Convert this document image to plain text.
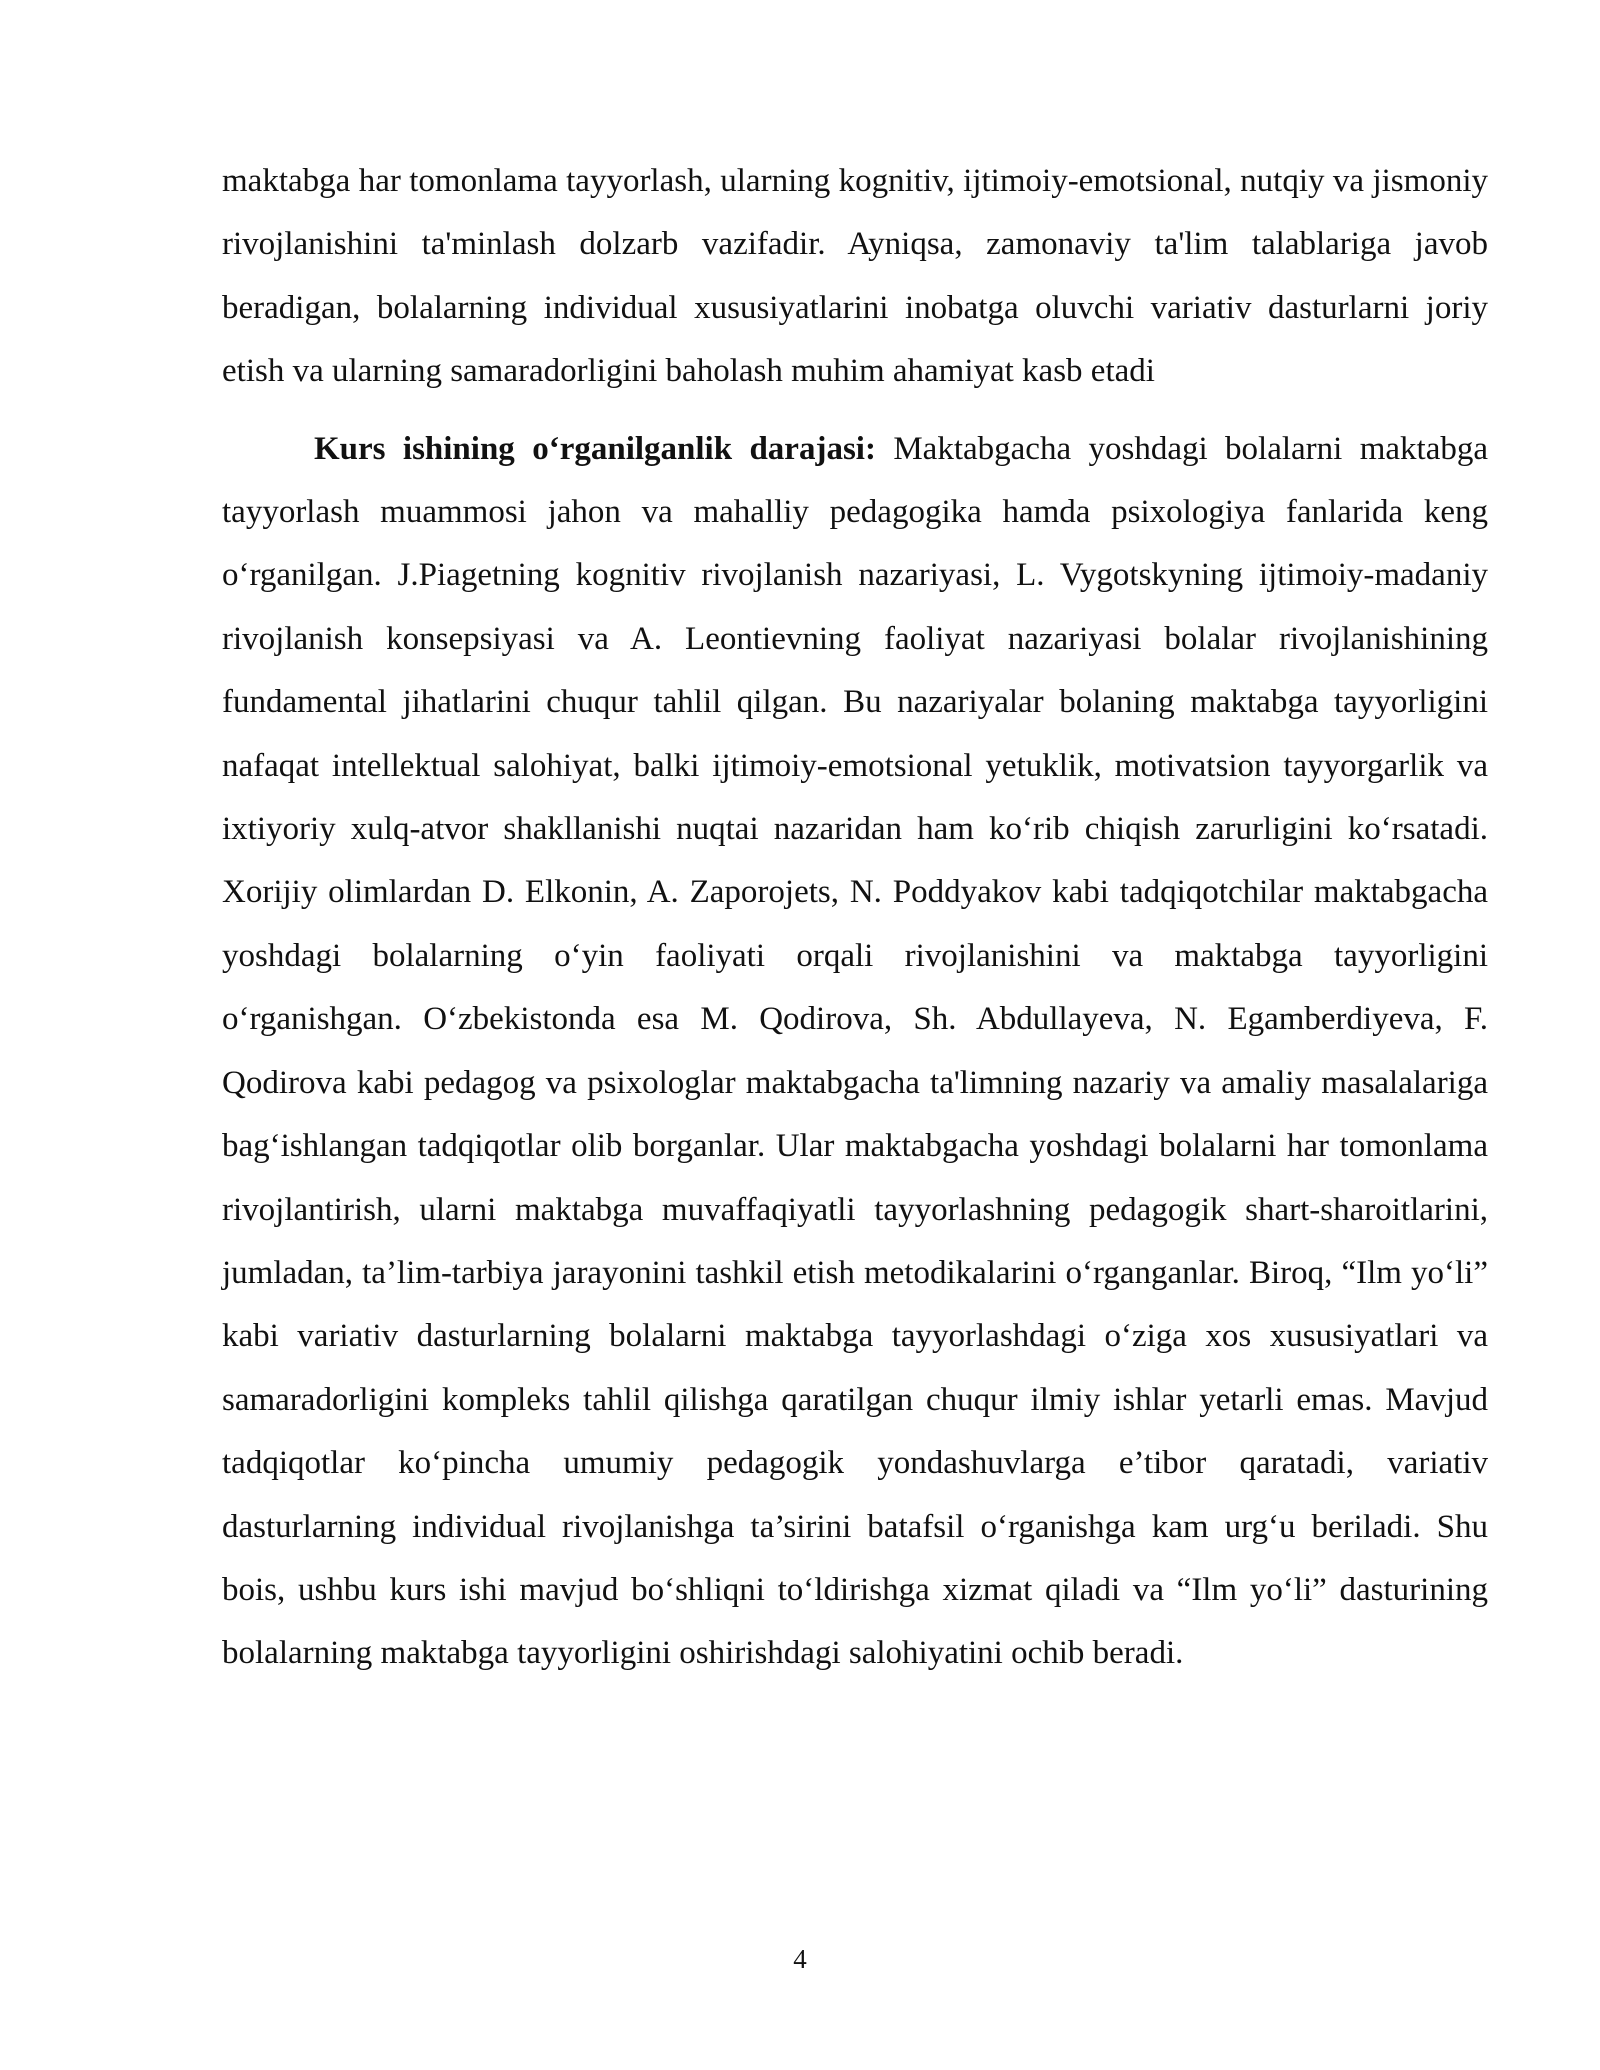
maktabga har tomonlama tayyorlash, ularning kognitiv, ijtimoiy-emotsional, nutqiy va jismoniy rivojlanishini ta'minlash dolzarb vazifadir. Ayniqsa, zamonaviy ta'lim talablariga javob beradigan, bolalarning individual xususiyatlarini inobatga oluvchi variativ dasturlarni joriy etish va ularning samaradorligini baholash muhim ahamiyat kasb etadi

Kurs ishining o‘rganilganlik darajasi: Maktabgacha yoshdagi bolalarni maktabga tayyorlash muammosi jahon va mahalliy pedagogika hamda psixologiya fanlarida keng o‘rganilgan. J.Piagetning kognitiv rivojlanish nazariyasi, L. Vygotskyning ijtimoiy-madaniy rivojlanish konsepsiyasi va A. Leontievning faoliyat nazariyasi bolalar rivojlanishining fundamental jihatlarini chuqur tahlil qilgan. Bu nazariyalar bolaning maktabga tayyorligini nafaqat intellektual salohiyat, balki ijtimoiy-emotsional yetuklik, motivatsion tayyorgarlik va ixtiyoriy xulq-atvor shakllanishi nuqtai nazaridan ham ko‘rib chiqish zarurligini ko‘rsatadi. Xorijiy olimlardan D. Elkonin, A. Zaporojets, N. Poddyakov kabi tadqiqotchilar maktabgacha yoshdagi bolalarning o‘yin faoliyati orqali rivojlanishini va maktabga tayyorligini o‘rganishgan. O‘zbekistonda esa M. Qodirova, Sh. Abdullayeva, N. Egamberdiyeva, F. Qodirova kabi pedagog va psixologlar maktabgacha ta'limning nazariy va amaliy masalalariga bag‘ishlangan tadqiqotlar olib borganlar. Ular maktabgacha yoshdagi bolalarni har tomonlama rivojlantirish, ularni maktabga muvaffaqiyatli tayyorlashning pedagogik shart-sharoitlarini, jumladan, ta’lim-tarbiya jarayonini tashkil etish metodikalarini o‘rganganlar. Biroq, “Ilm yo‘li” kabi variativ dasturlarning bolalarni maktabga tayyorlashdagi o‘ziga xos xususiyatlari va samaradorligini kompleks tahlil qilishga qaratilgan chuqur ilmiy ishlar yetarli emas. Mavjud tadqiqotlar ko‘pincha umumiy pedagogik yondashuvlarga e’tibor qaratadi, variativ dasturlarning individual rivojlanishga ta’sirini batafsil o‘rganishga kam urg‘u beriladi. Shu bois, ushbu kurs ishi mavjud bo‘shliqni to‘ldirishga xizmat qiladi va “Ilm yo‘li” dasturining bolalarning maktabga tayyorligini oshirishdagi salohiyatini ochib beradi.

4
